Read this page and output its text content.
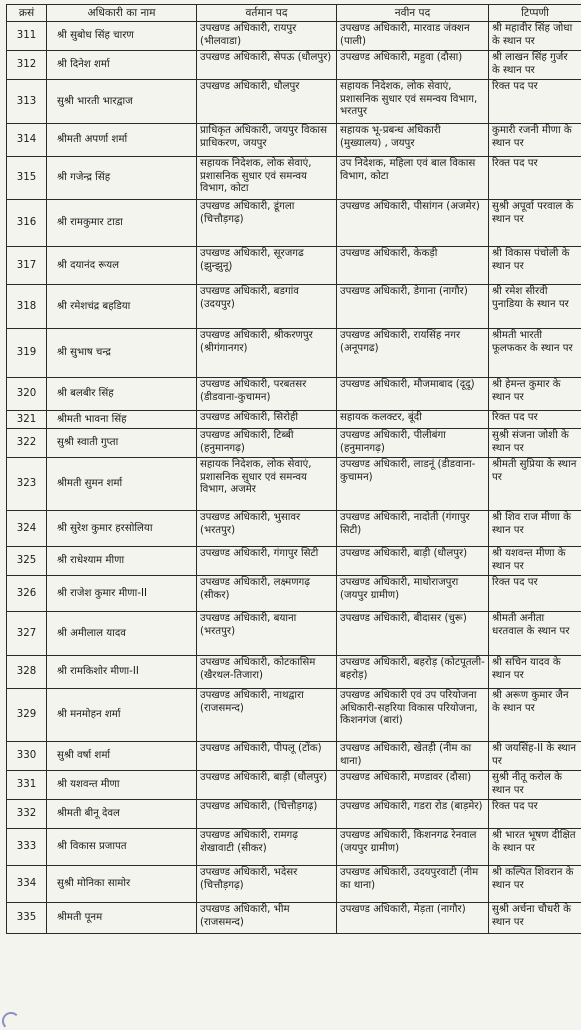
क्रसं	अधिकारी का नाम	वर्तमान पद	नवीन पद	टिप्पणी
311	श्री सुबोध सिंह चारण	उपखण्ड अधिकारी, रायपुर (भीलवाडा)	उपखण्ड अधिकारी, मारवाड जंक्शन (पाली)	श्री महावीर सिंह जोधा के स्थान पर
312	श्री दिनेश शर्मा	उपखण्ड अधिकारी, सेपऊ (धौलपुर)	उपखण्ड अधिकारी, महुवा (दौसा)	श्री लाखन सिंह गुर्जर के स्थान पर
313	सुश्री भारती भारद्वाज	उपखण्ड अधिकारी, धौलपुर	सहायक निदेशक, लोक सेवाएं, प्रशासनिक सुधार एवं समन्वय विभाग, भरतपुर	रिक्त पद पर
314	श्रीमती अपर्णा शर्मा	प्राधिकृत अधिकारी, जयपुर विकास प्राधिकरण, जयपुर	सहायक भू-प्रबन्ध अधिकारी (मुख्यालय) , जयपुर	कुमारी रजनी मीणा के स्थान पर
315	श्री गजेन्द्र सिंह	सहायक निदेशक, लोक सेवाएं, प्रशासनिक सुधार एवं समन्वय विभाग, कोटा	उप निदेशक, महिला एवं बाल विकास विभाग, कोटा	रिक्त पद पर
316	श्री रामकुमार टाडा	उपखण्ड अधिकारी, डूंगला (चित्तौड़गढ़)	उपखण्ड अधिकारी, पीसांगन (अजमेर)	सुश्री अपूर्वा परवाल के स्थान पर
317	श्री दयानंद रूयल	उपखण्ड अधिकारी, सूरजगढ (झुन्झुनू)	उपखण्ड अधिकारी, केकड़ी	श्री विकास पंचोली के स्थान पर
318	श्री रमेशचंद्र बहडिया	उपखण्ड अधिकारी, बडगांव (उदयपुर)	उपखण्ड अधिकारी, डेगाना (नागौर)	श्री रमेश सीरवी पुनाडिया के स्थान पर
319	श्री सुभाष चन्द्र	उपखण्ड अधिकारी, श्रीकरणपुर (श्रीगंगानगर)	उपखण्ड अधिकारी, रायसिंह नगर (अनूपगढ)	श्रीमती भारती फूलफकर के स्थान पर
320	श्री बलबीर सिंह	उपखण्ड अधिकारी, परबतसर (डीडवाना-कुचामन)	उपखण्ड अधिकारी, मौजमाबाद (दूदू)	श्री हेमन्त कुमार के स्थान पर
321	श्रीमती भावना सिंह	उपखण्ड अधिकारी, सिरोही	सहायक कलक्टर, बूंदी	रिक्त पद पर
322	सुश्री स्वाती गुप्ता	उपखण्ड अधिकारी, टिब्बी (हनुमानगढ़)	उपखण्ड अधिकारी, पीलीबंगा (हनुमानगढ़)	सुश्री संजना जोशी के स्थान पर
323	श्रीमती सुमन शर्मा	सहायक निदेशक, लोक सेवाएं, प्रशासनिक सुधार एवं समन्वय विभाग, अजमेर	उपखण्ड अधिकारी, लाडनूं (डीडवाना-कुचामन)	श्रीमती सुप्रिया के स्थान पर
324	श्री सुरेश कुमार हरसोलिया	उपखण्ड अधिकारी, भुसावर (भरतपुर)	उपखण्ड अधिकारी, नादोती (गंगापुर सिटी)	श्री शिव राज मीणा के स्थान पर
325	श्री राधेश्याम मीणा	उपखण्ड अधिकारी, गंगापुर सिटी	उपखण्ड अधिकारी, बाड़ी (धौलपुर)	श्री यशवन्त मीणा के स्थान पर
326	श्री राजेश कुमार मीणा-II	उपखण्ड अधिकारी, लक्ष्मणगढ़ (सीकर)	उपखण्ड अधिकारी, माधोराजपुरा (जयपुर ग्रामीण)	रिक्त पद पर
327	श्री अमीलाल यादव	उपखण्ड अधिकारी, बयाना (भरतपुर)	उपखण्ड अधिकारी, बीदासर (चुरू)	श्रीमती अनीता धरतवाल के स्थान पर
328	श्री रामकिशोर मीणा-II	उपखण्ड अधिकारी, कोटकासिम (खैरथल-तिजारा)	उपखण्ड अधिकारी, बहरोड़ (कोटपूतली-बहरोड़)	श्री सचिन यादव के स्थान पर
329	श्री मनमोहन शर्मा	उपखण्ड अधिकारी, नाथद्वारा (राजसमन्द)	उपखण्ड अधिकारी एवं उप परियोजना अधिकारी-सहरिया विकास परियोजना, किशनगंज (बारां)	श्री अरूण कुमार जैन के स्थान पर
330	सुश्री वर्षा शर्मा	उपखण्ड अधिकारी, पीपलू (टोंक)	उपखण्ड अधिकारी, खेतड़ी (नीम का थाना)	श्री जयसिंह-II के स्थान पर
331	श्री यशवन्त मीणा	उपखण्ड अधिकारी, बाड़ी (धौलपुर)	उपखण्ड अधिकारी, मण्डावर (दौसा)	सुश्री नीतू करोल के स्थान पर
332	श्रीमती बीनू देवल	उपखण्ड अधिकारी, (चित्तौड़गढ़)	उपखण्ड अधिकारी, गडरा रोड (बाड़मेर)	रिक्त पद पर
333	श्री विकास प्रजापत	उपखण्ड अधिकारी, रामगढ़ शेखावाटी (सीकर)	उपखण्ड अधिकारी, किशनगढ रेनवाल (जयपुर ग्रामीण)	श्री भारत भूषण दीक्षित के स्थान पर
334	सुश्री मोनिका सामोर	उपखण्ड अधिकारी, भदेसर (चित्तौड़गढ़)	उपखण्ड अधिकारी, उदयपुरवाटी (नीम का थाना)	श्री कल्पित शिवरान के स्थान पर
335	श्रीमती पूनम	उपखण्ड अधिकारी, भीम (राजसमन्द)	उपखण्ड अधिकारी, मेड़ता (नागौर)	सुश्री अर्चना चौधरी के स्थान पर
